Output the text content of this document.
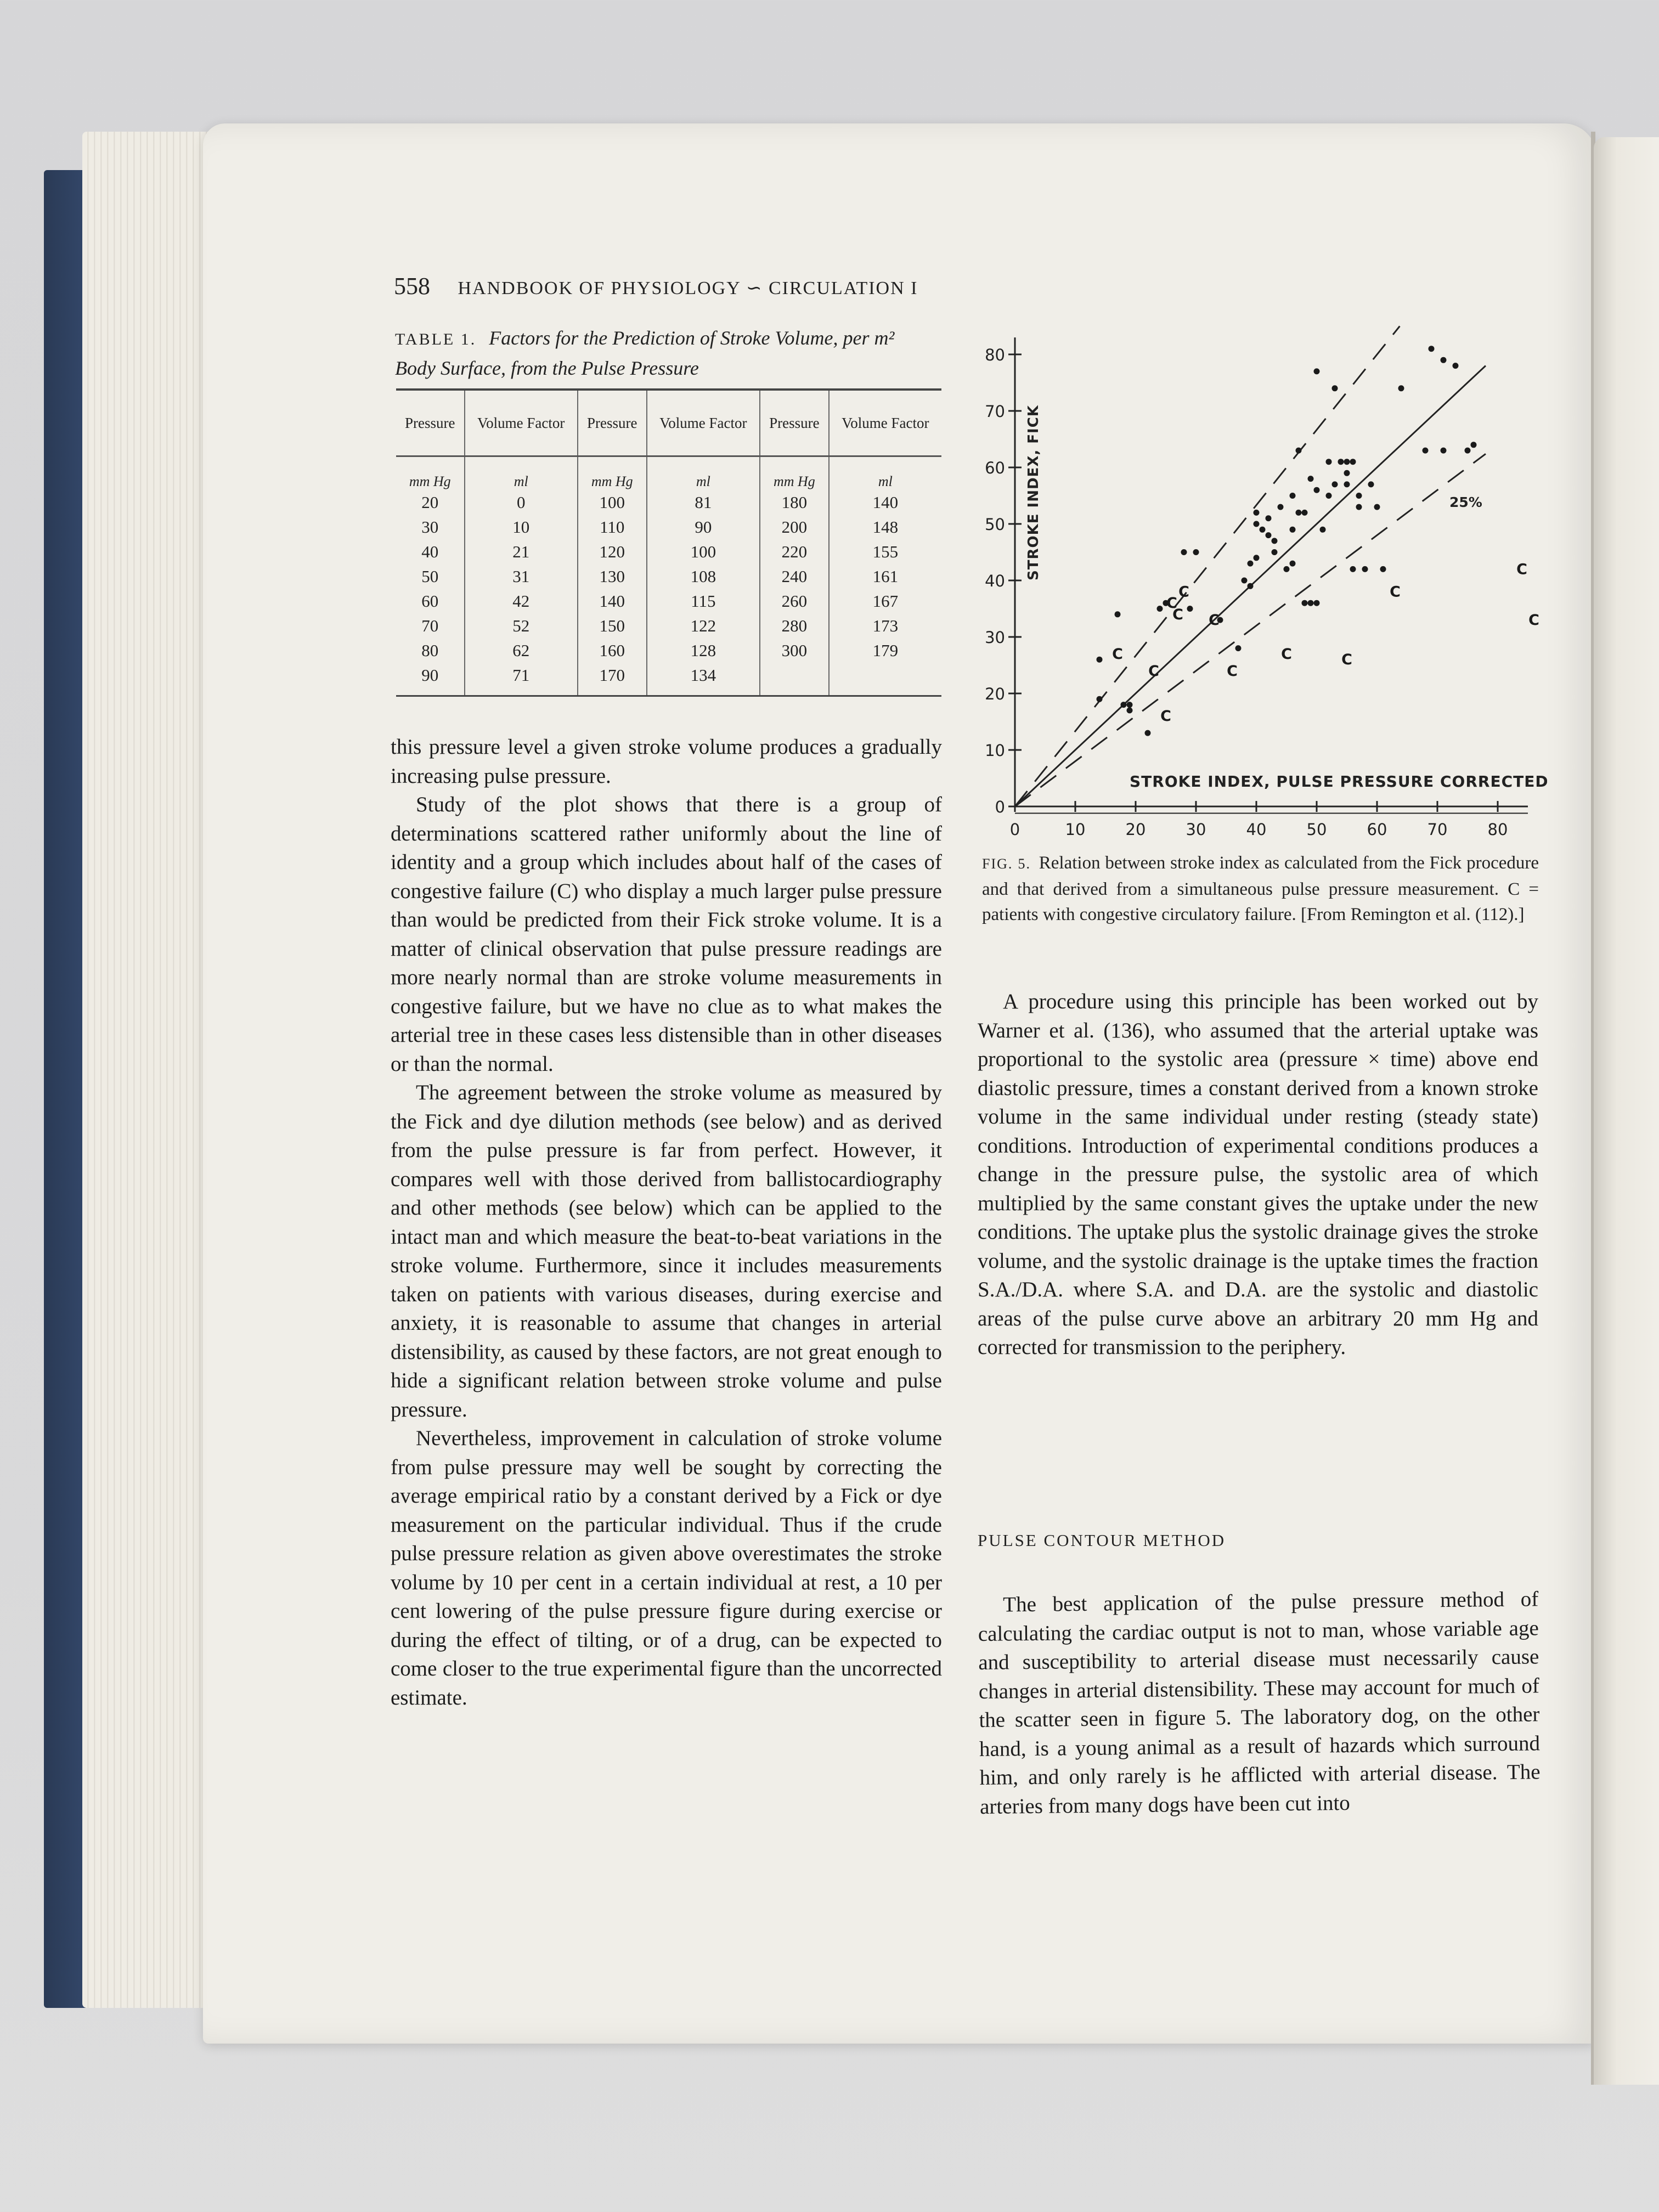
558 HANDBOOK OF PHYSIOLOGY ∽ CIRCULATION I
TABLE 1. Factors for the Prediction of Stroke Volume, per m² Body Surface, from the Pulse Pressure
Pressure	Volume Factor	Pressure	Volume Factor	Pressure	Volume Factor
mm Hg	ml	mm Hg	ml	mm Hg	ml
20	0	100	81	180	140
30	10	110	90	200	148
40	21	120	100	220	155
50	31	130	108	240	161
60	42	140	115	260	167
70	52	150	122	280	173
80	62	160	128	300	179
90	71	170	134		

this pressure level a given stroke volume produces a gradually increasing pulse pressure.

Study of the plot shows that there is a group of determinations scattered rather uniformly about the line of identity and a group which includes about half of the cases of congestive failure (C) who display a much larger pulse pressure than would be predicted from their Fick stroke volume. It is a matter of clinical observation that pulse pressure readings are more nearly normal than are stroke volume measurements in congestive failure, but we have no clue as to what makes the arterial tree in these cases less distensible than in other diseases or than the normal.

The agreement between the stroke volume as measured by the Fick and dye dilution methods (see below) and as derived from the pulse pressure is far from perfect. However, it compares well with those derived from ballistocardiography and other methods (see below) which can be applied to the intact man and which measure the beat-to-beat variations in the stroke volume. Furthermore, since it includes measurements taken on patients with various diseases, during exercise and anxiety, it is reasonable to assume that changes in arterial distensibility, as caused by these factors, are not great enough to hide a significant relation between stroke volume and pulse pressure.

Nevertheless, improvement in calculation of stroke volume from pulse pressure may well be sought by correcting the average empirical ratio by a constant derived by a Fick or dye measurement on the particular individual. Thus if the crude pulse pressure relation as given above overestimates the stroke volume by 10 per cent in a certain individual at rest, a 10 per cent lowering of the pulse pressure figure during exercise or during the effect of tilting, or of a drug, can be expected to come closer to the true experimental figure than the uncorrected estimate.

0
10
20
30
40
50
60
70
80
0	10	20	30	40	50	60	70	80
STROKE INDEX, PULSE PRESSURE CORRECTED
STROKE INDEX, FICK	25%
C
C
C
C
C
C
C
C
C	C
C
C
C
FIG. 5. Relation between stroke index as calculated from the Fick procedure and that derived from a simultaneous pulse pressure measurement. C = patients with congestive circulatory failure. [From Remington et al. (112).]

A procedure using this principle has been worked out by Warner et al. (136), who assumed that the arterial uptake was proportional to the systolic area (pressure × time) above end diastolic pressure, times a constant derived from a known stroke volume in the same individual under resting (steady state) conditions. Introduction of experimental conditions produces a change in the pressure pulse, the systolic area of which multiplied by the same constant gives the uptake under the new conditions. The uptake plus the systolic drainage gives the stroke volume, and the systolic drainage is the uptake times the fraction S.A./D.A. where S.A. and D.A. are the systolic and diastolic areas of the pulse curve above an arbitrary 20 mm Hg and corrected for transmission to the periphery.

PULSE CONTOUR METHOD

The best application of the pulse pressure method of calculating the cardiac output is not to man, whose variable age and susceptibility to arterial disease must necessarily cause changes in arterial distensibility. These may account for much of the scatter seen in figure 5. The laboratory dog, on the other hand, is a young animal as a result of hazards which surround him, and only rarely is he afflicted with arterial disease. The arteries from many dogs have been cut into
